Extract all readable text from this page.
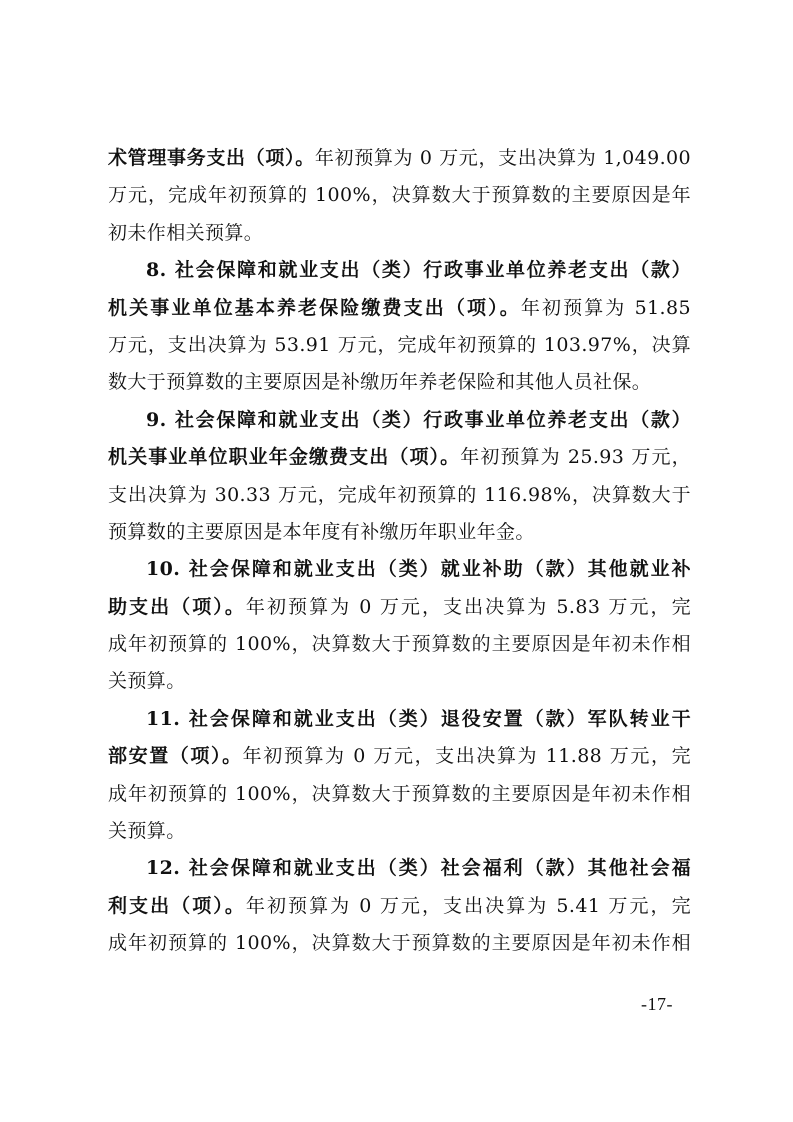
术管理事务支出（项）。年初预算为 0 万元，支出决算为 1,049.00
万元，完成年初预算的 100%，决算数大于预算数的主要原因是年
初未作相关预算。
8. 社会保障和就业支出（类）行政事业单位养老支出（款）
机关事业单位基本养老保险缴费支出（项）。年初预算为 51.85
万元，支出决算为 53.91 万元，完成年初预算的 103.97%，决算
数大于预算数的主要原因是补缴历年养老保险和其他人员社保。
9. 社会保障和就业支出（类）行政事业单位养老支出（款）
机关事业单位职业年金缴费支出（项）。年初预算为 25.93 万元，
支出决算为 30.33 万元，完成年初预算的 116.98%，决算数大于
预算数的主要原因是本年度有补缴历年职业年金。
10. 社会保障和就业支出（类）就业补助（款）其他就业补
助支出（项）。年初预算为 0 万元，支出决算为 5.83 万元，完
成年初预算的 100%，决算数大于预算数的主要原因是年初未作相
关预算。
11. 社会保障和就业支出（类）退役安置（款）军队转业干
部安置（项）。年初预算为 0 万元，支出决算为 11.88 万元，完
成年初预算的 100%，决算数大于预算数的主要原因是年初未作相
关预算。
12. 社会保障和就业支出（类）社会福利（款）其他社会福
利支出（项）。年初预算为 0 万元，支出决算为 5.41 万元，完
成年初预算的 100%，决算数大于预算数的主要原因是年初未作相
-17-
